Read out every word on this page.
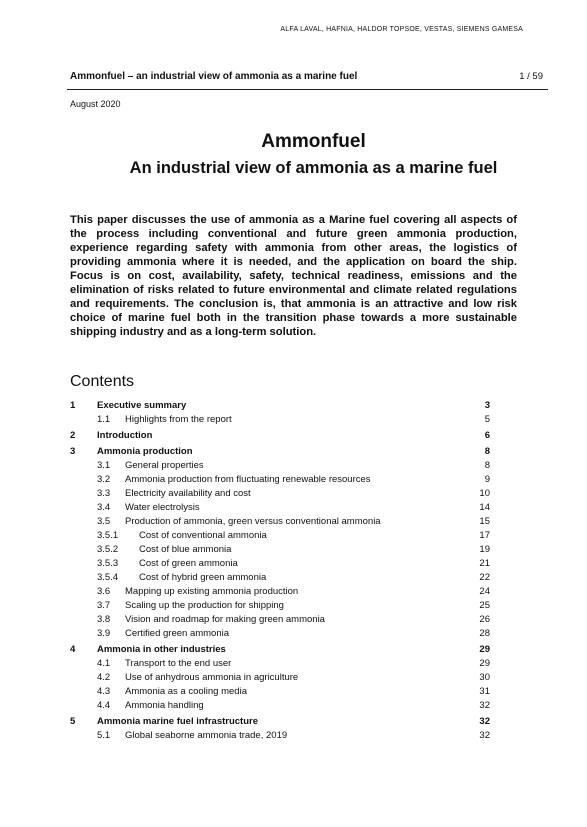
ALFA LAVAL, HAFNIA, HALDOR TOPSOE, VESTAS, SIEMENS GAMESA
Ammonfuel – an industrial view of ammonia as a marine fuel	1 / 59
August 2020
Ammonfuel
An industrial view of ammonia as a marine fuel
This paper discusses the use of ammonia as a Marine fuel covering all aspects of the process including conventional and future green ammonia production, experience regarding safety with ammonia from other areas, the logistics of providing ammonia where it is needed, and the application on board the ship. Focus is on cost, availability, safety, technical readiness, emissions and the elimination of risks related to future environmental and climate related regulations and requirements. The conclusion is, that ammonia is an attractive and low risk choice of marine fuel both in the transition phase towards a more sustainable shipping industry and as a long-term solution.
Contents
1 Executive summary	3
1.1 Highlights from the report	5
2 Introduction	6
3 Ammonia production	8
3.1 General properties	8
3.2 Ammonia production from fluctuating renewable resources	9
3.3 Electricity availability and cost	10
3.4 Water electrolysis	14
3.5 Production of ammonia, green versus conventional ammonia	15
3.5.1 Cost of conventional ammonia	17
3.5.2 Cost of blue ammonia	19
3.5.3 Cost of green ammonia	21
3.5.4 Cost of hybrid green ammonia	22
3.6 Mapping up existing ammonia production	24
3.7 Scaling up the production for shipping	25
3.8 Vision and roadmap for making green ammonia	26
3.9 Certified green ammonia	28
4 Ammonia in other industries	29
4.1 Transport to the end user	29
4.2 Use of anhydrous ammonia in agriculture	30
4.3 Ammonia as a cooling media	31
4.4 Ammonia handling	32
5 Ammonia marine fuel infrastructure	32
5.1 Global seaborne ammonia trade, 2019	32
